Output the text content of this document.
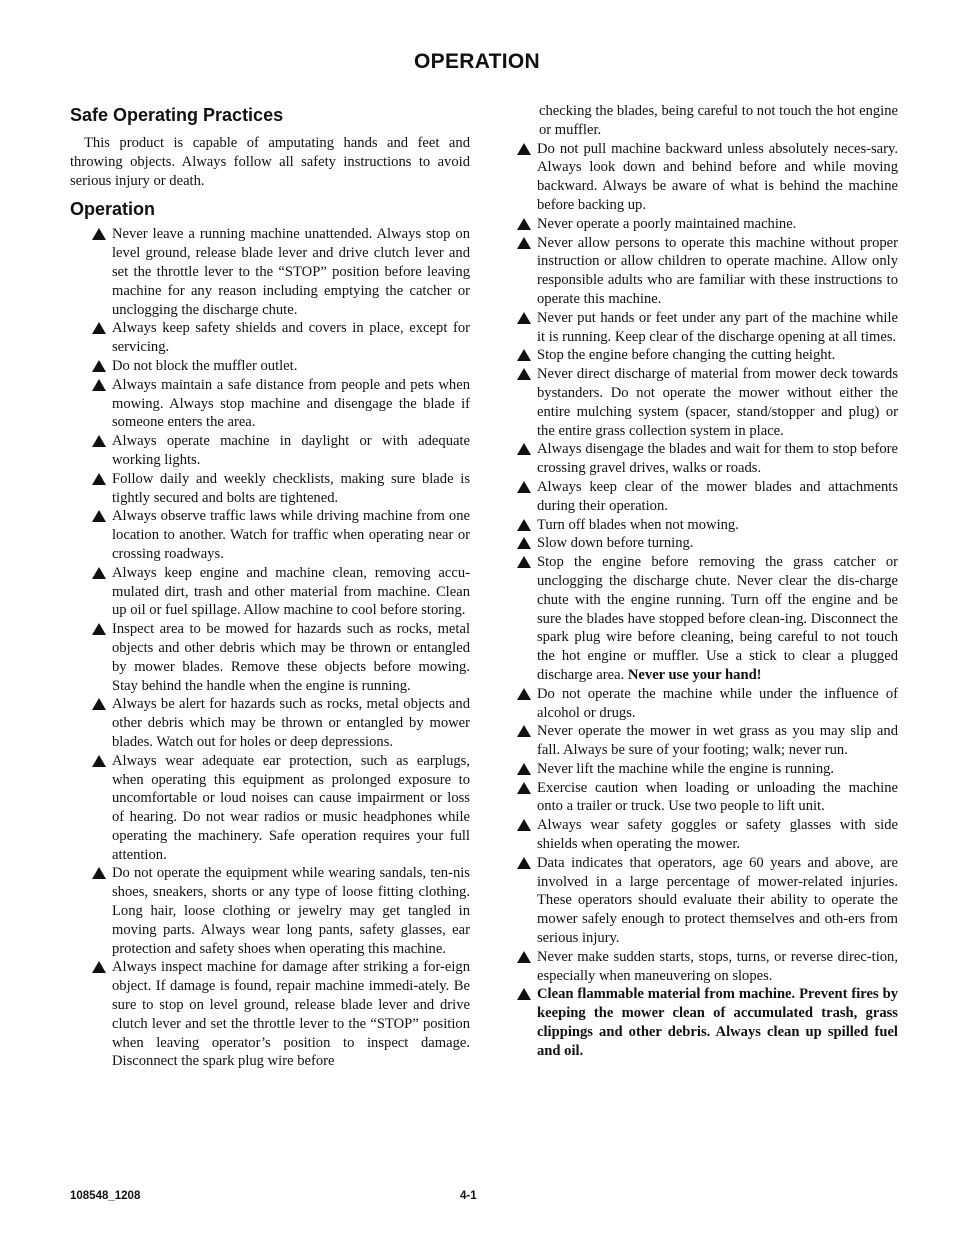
OPERATION
Safe Operating Practices

This product is capable of amputating hands and feet and throwing objects. Always follow all safety instructions to avoid serious injury or death.

Operation
Never leave a running machine unattended. Always stop on level ground, release blade lever and drive clutch lever and set the throttle lever to the “STOP” position before leaving machine for any reason including emptying the catcher or unclogging the discharge chute.
Always keep safety shields and covers in place, except for servicing.
Do not block the muffler outlet.
Always maintain a safe distance from people and pets when mowing. Always stop machine and disengage the blade if someone enters the area.
Always operate machine in daylight or with adequate working lights.
Follow daily and weekly checklists, making sure blade is tightly secured and bolts are tightened.
Always observe traffic laws while driving machine from one location to another. Watch for traffic when operating near or crossing roadways.
Always keep engine and machine clean, removing accu-mulated dirt, trash and other material from machine. Clean up oil or fuel spillage. Allow machine to cool before storing.
Inspect area to be mowed for hazards such as rocks, metal objects and other debris which may be thrown or entangled by mower blades. Remove these objects before mowing. Stay behind the handle when the engine is running.
Always be alert for hazards such as rocks, metal objects and other debris which may be thrown or entangled by mower blades. Watch out for holes or deep depressions.
Always wear adequate ear protection, such as earplugs, when operating this equipment as prolonged exposure to uncomfortable or loud noises can cause impairment or loss of hearing. Do not wear radios or music headphones while operating the machinery. Safe operation requires your full attention.
Do not operate the equipment while wearing sandals, ten-nis shoes, sneakers, shorts or any type of loose fitting clothing. Long hair, loose clothing or jewelry may get tangled in moving parts. Always wear long pants, safety glasses, ear protection and safety shoes when operating this machine.
Always inspect machine for damage after striking a for-eign object. If damage is found, repair machine immedi-ately. Be sure to stop on level ground, release blade lever and drive clutch lever and set the throttle lever to the “STOP” position when leaving operator’s position to inspect damage. Disconnect the spark plug wire before
checking the blades, being careful to not touch the hot engine or muffler.
Do not pull machine backward unless absolutely neces-sary. Always look down and behind before and while moving backward. Always be aware of what is behind the machine before backing up.
Never operate a poorly maintained machine.
Never allow persons to operate this machine without proper instruction or allow children to operate machine. Allow only responsible adults who are familiar with these instructions to operate this machine.
Never put hands or feet under any part of the machine while it is running. Keep clear of the discharge opening at all times.
Stop the engine before changing the cutting height.
Never direct discharge of material from mower deck towards bystanders. Do not operate the mower without either the entire mulching system (spacer, stand/stopper and plug) or the entire grass collection system in place.
Always disengage the blades and wait for them to stop before crossing gravel drives, walks or roads.
Always keep clear of the mower blades and attachments during their operation.
Turn off blades when not mowing.
Slow down before turning.
Stop the engine before removing the grass catcher or unclogging the discharge chute. Never clear the dis-charge chute with the engine running. Turn off the engine and be sure the blades have stopped before clean-ing. Disconnect the spark plug wire before cleaning, being careful to not touch the hot engine or muffler. Use a stick to clear a plugged discharge area. Never use your hand!
Do not operate the machine while under the influence of alcohol or drugs.
Never operate the mower in wet grass as you may slip and fall. Always be sure of your footing; walk; never run.
Never lift the machine while the engine is running.
Exercise caution when loading or unloading the machine onto a trailer or truck. Use two people to lift unit.
Always wear safety goggles or safety glasses with side shields when operating the mower.
Data indicates that operators, age 60 years and above, are involved in a large percentage of mower-related injuries. These operators should evaluate their ability to operate the mower safely enough to protect themselves and oth-ers from serious injury.
Never make sudden starts, stops, turns, or reverse direc-tion, especially when maneuvering on slopes.
Clean flammable material from machine. Prevent fires by keeping the mower clean of accumulated trash, grass clippings and other debris. Always clean up spilled fuel and oil.
108548_1208	4-1
